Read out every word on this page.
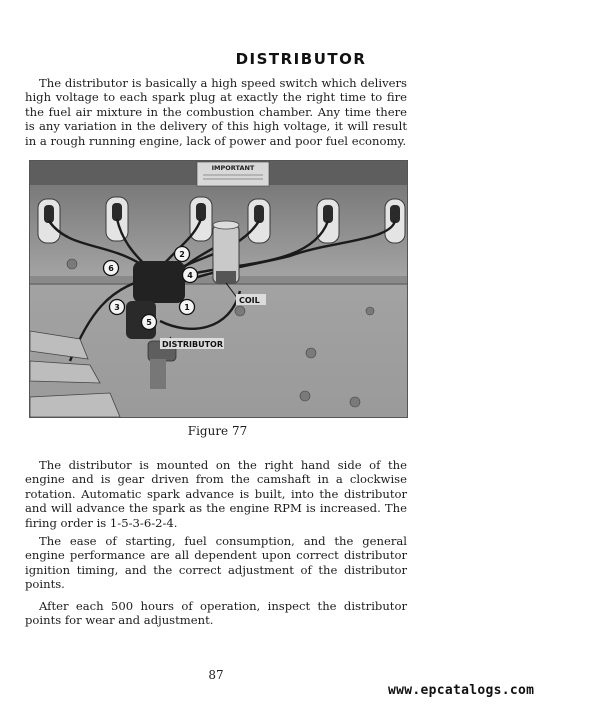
DISTRIBUTOR

The distributor is basically a high speed switch which delivers high voltage to each spark plug at exactly the right time to fire the fuel air mixture in the combustion chamber. Any time there is any variation in the delivery of this high voltage, it will result in a rough running engine, lack of power and poor fuel economy.

IMPORTANT
6
2
4
3	1
5
COIL
DISTRIBUTOR
Figure 77

The distributor is mounted on the right hand side of the engine and is gear driven from the camshaft in a clockwise rotation. Automatic spark advance is built, into the distributor and will advance the spark as the engine RPM is increased. The firing order is 1-5-3-6-2-4.

The ease of starting, fuel consumption, and the general engine performance are all dependent upon correct distributor ignition timing, and the correct adjustment of the distributor points.

After each 500 hours of operation, inspect the distributor points for wear and adjustment.

87
www.epcatalogs.com
